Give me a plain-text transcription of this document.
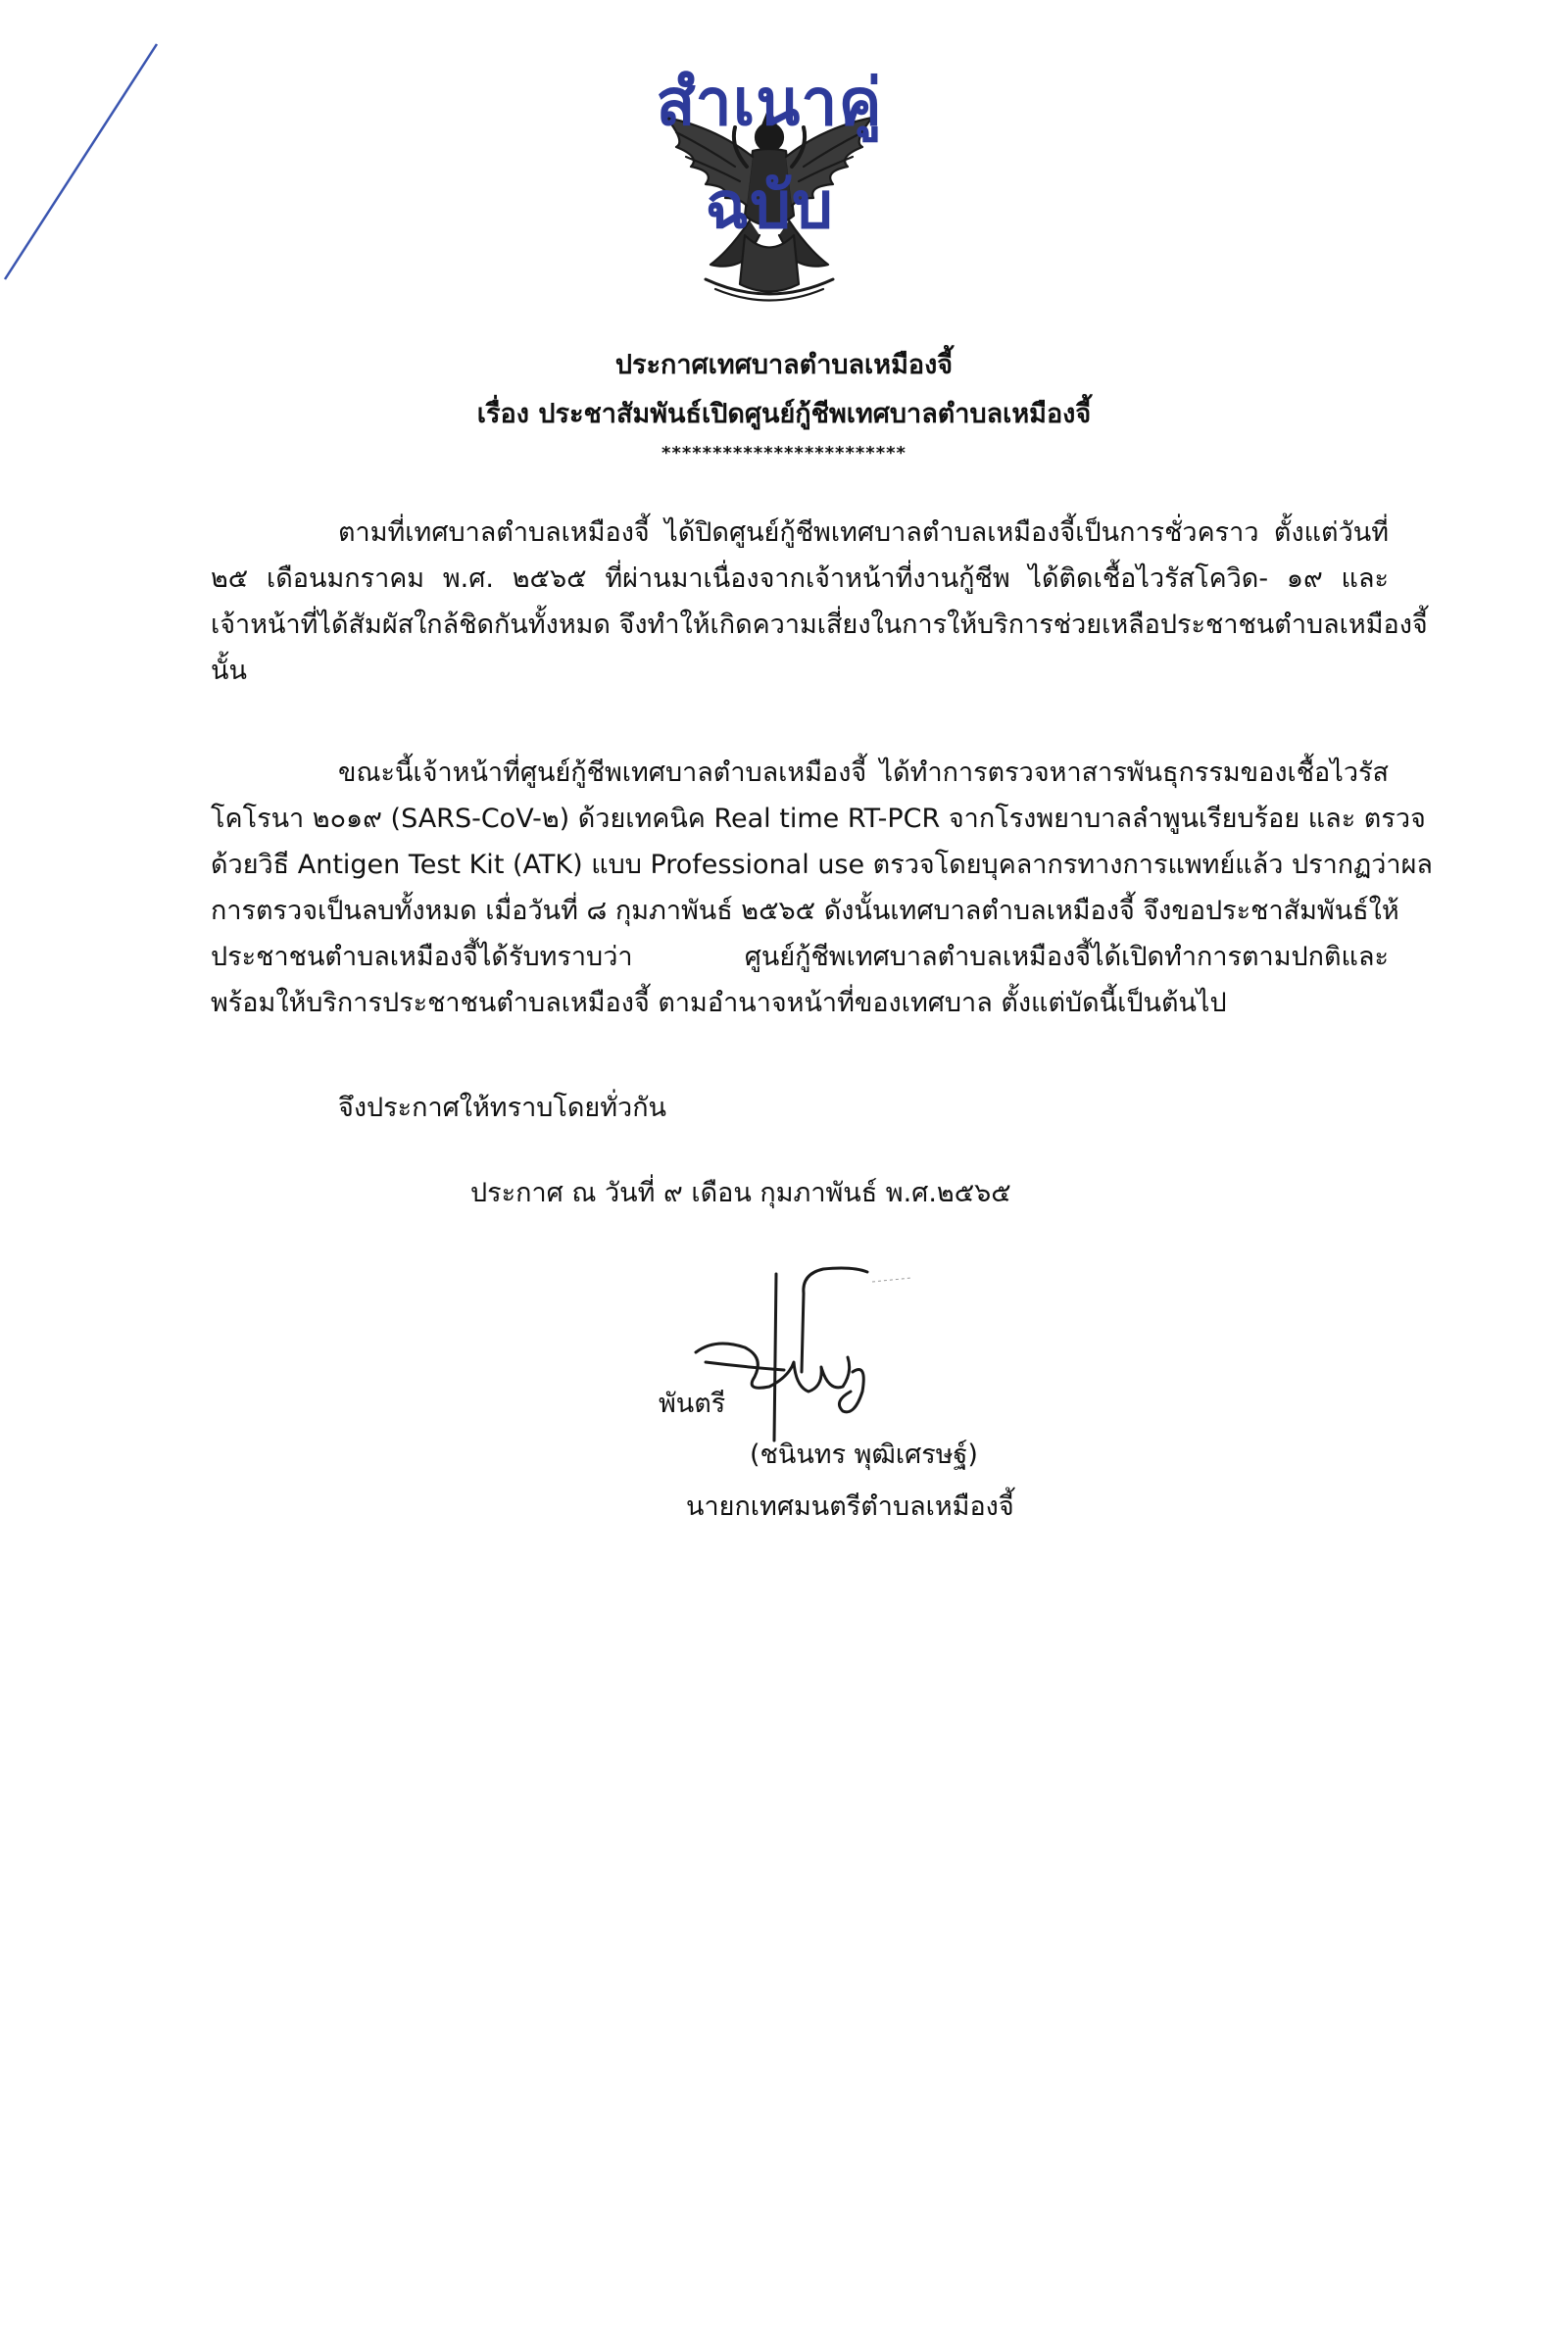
สำเนาคู่ฉบับ
ประกาศเทศบาลตำบลเหมืองจี้
เรื่อง ประชาสัมพันธ์เปิดศูนย์กู้ชีพเทศบาลตำบลเหมืองจี้
************************
ตามที่เทศบาลตำบลเหมืองจี้ ได้ปิดศูนย์กู้ชีพเทศบาลตำบลเหมืองจี้เป็นการชั่วคราว ตั้งแต่วันที่
๒๕ เดือนมกราคม พ.ศ. ๒๕๖๕ ที่ผ่านมาเนื่องจากเจ้าหน้าที่งานกู้ชีพ ได้ติดเชื้อไวรัสโควิด- ๑๙ และ
เจ้าหน้าที่ได้สัมผัสใกล้ชิดกันทั้งหมด จึงทำให้เกิดความเสี่ยงในการให้บริการช่วยเหลือประชาชนตำบลเหมืองจี้
นั้น
ขณะนี้เจ้าหน้าที่ศูนย์กู้ชีพเทศบาลตำบลเหมืองจี้ ได้ทำการตรวจหาสารพันธุกรรมของเชื้อไวรัส
โคโรนา ๒๐๑๙ (SARS-CoV-๒) ด้วยเทคนิค Real time RT-PCR จากโรงพยาบาลลำพูนเรียบร้อย และ ตรวจ
ด้วยวิธี Antigen Test Kit (ATK) แบบ Professional use ตรวจโดยบุคลากรทางการแพทย์แล้ว ปรากฏว่าผล
การตรวจเป็นลบทั้งหมด เมื่อวันที่ ๘ กุมภาพันธ์ ๒๕๖๕ ดังนั้นเทศบาลตำบลเหมืองจี้ จึงขอประชาสัมพันธ์ให้
ประชาชนตำบลเหมืองจี้ได้รับทราบว่า ศูนย์กู้ชีพเทศบาลตำบลเหมืองจี้ได้เปิดทำการตามปกติและ
พร้อมให้บริการประชาชนตำบลเหมืองจี้ ตามอำนาจหน้าที่ของเทศบาล ตั้งแต่บัดนี้เป็นต้นไป
จึงประกาศให้ทราบโดยทั่วกัน
ประกาศ ณ วันที่ ๙ เดือน กุมภาพันธ์ พ.ศ.๒๕๖๕
พันตรี
(ชนินทร พุฒิเศรษฐ์)
นายกเทศมนตรีตำบลเหมืองจี้
